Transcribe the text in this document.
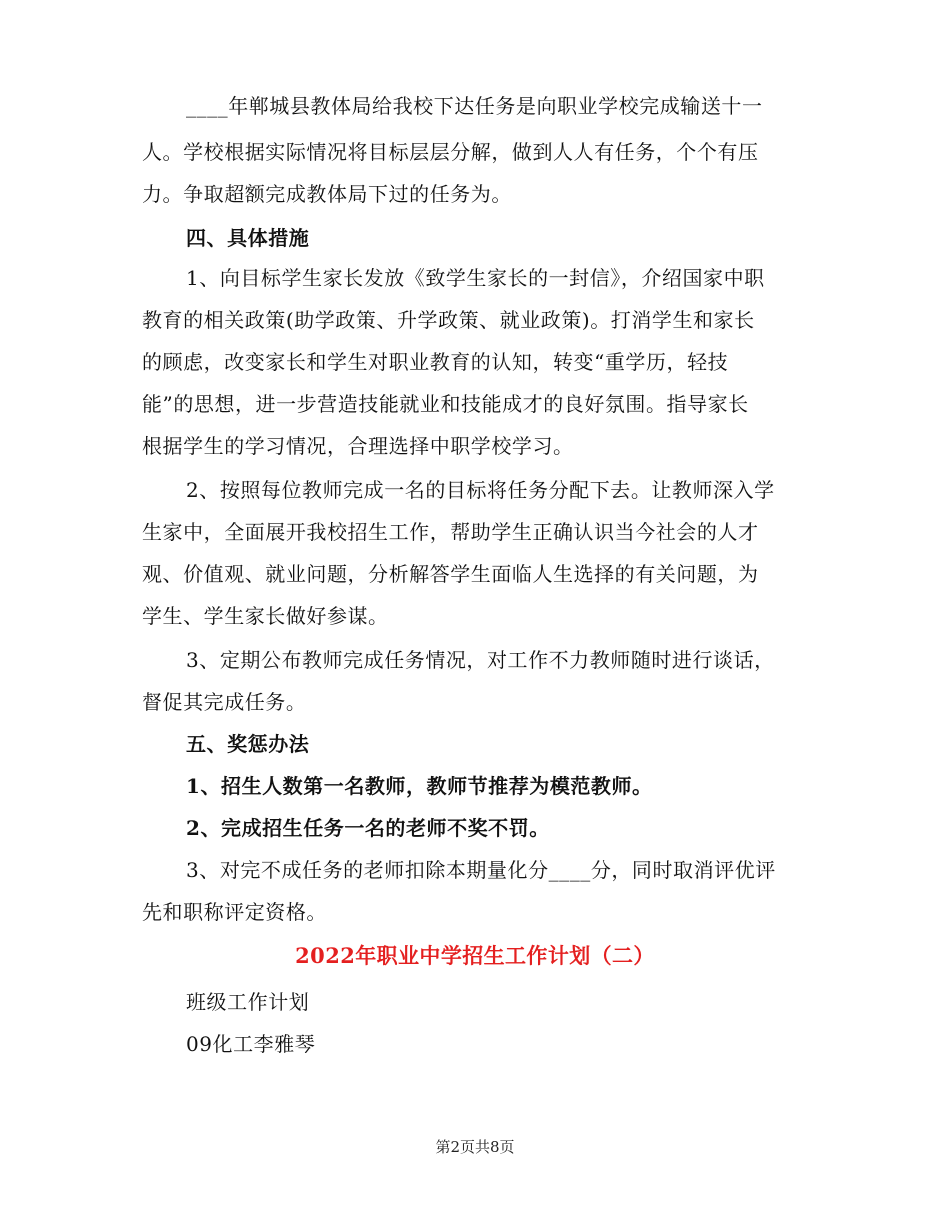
____年郸城县教体局给我校下达任务是向职业学校完成输送十一
人。学校根据实际情况将目标层层分解，做到人人有任务，个个有压
力。争取超额完成教体局下过的任务为。
四、具体措施
1、向目标学生家长发放《致学生家长的一封信》，介绍国家中职
教育的相关政策(助学政策、升学政策、就业政策)。打消学生和家长
的顾虑，改变家长和学生对职业教育的认知，转变“重学历，轻技
能”的思想，进一步营造技能就业和技能成才的良好氛围。指导家长
根据学生的学习情况，合理选择中职学校学习。
2、按照每位教师完成一名的目标将任务分配下去。让教师深入学
生家中，全面展开我校招生工作，帮助学生正确认识当今社会的人才
观、价值观、就业问题，分析解答学生面临人生选择的有关问题，为
学生、学生家长做好参谋。
3、定期公布教师完成任务情况，对工作不力教师随时进行谈话，
督促其完成任务。
五、奖惩办法
1、招生人数第一名教师，教师节推荐为模范教师。
2、完成招生任务一名的老师不奖不罚。
3、对完不成任务的老师扣除本期量化分____分，同时取消评优评
先和职称评定资格。
2022年职业中学招生工作计划（二）
班级工作计划
09化工李雅琴
第2页共8页
